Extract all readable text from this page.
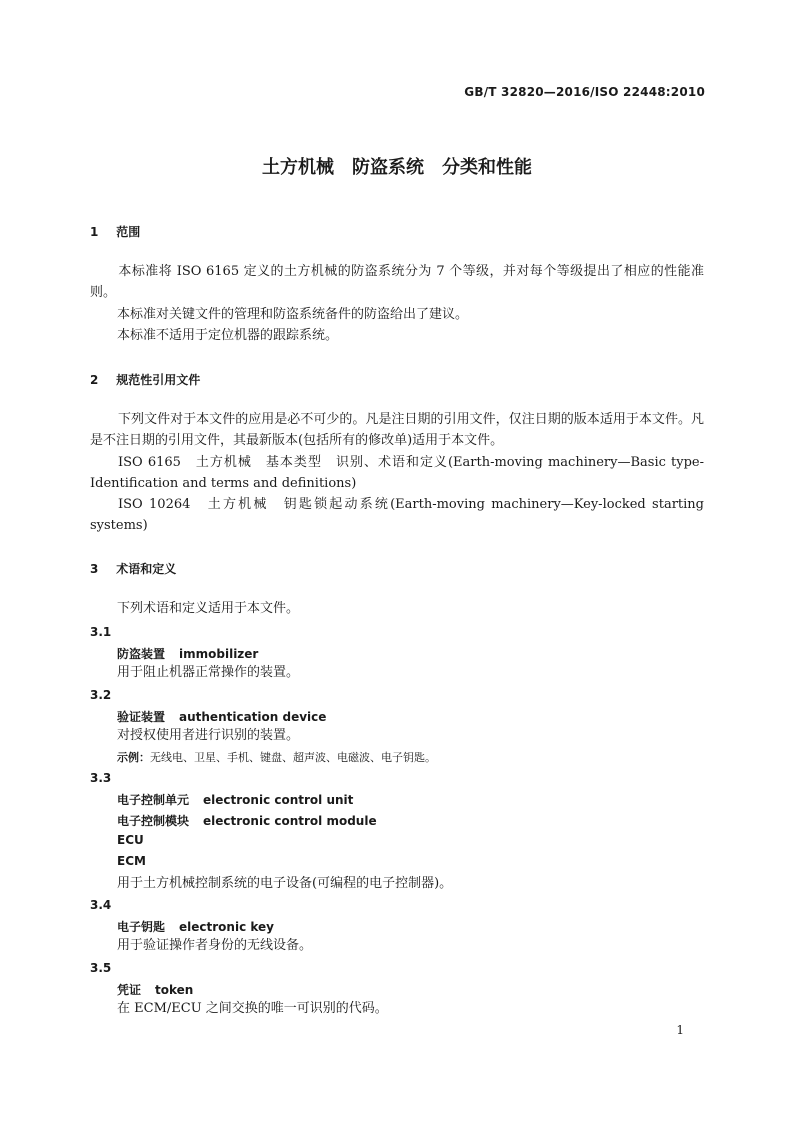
GB/T 32820—2016/ISO 22448:2010
土方机械　防盗系统　分类和性能
1 范围
本标准将 ISO 6165 定义的土方机械的防盗系统分为 7 个等级，并对每个等级提出了相应的性能准则。
本标准对关键文件的管理和防盗系统备件的防盗给出了建议。
本标准不适用于定位机器的跟踪系统。
2 规范性引用文件
下列文件对于本文件的应用是必不可少的。凡是注日期的引用文件，仅注日期的版本适用于本文件。凡是不注日期的引用文件，其最新版本(包括所有的修改单)适用于本文件。
ISO 6165　土方机械　基本类型　识别、术语和定义(Earth-moving machinery—Basic type-Identification and terms and definitions)
ISO 10264　土方机械　钥匙锁起动系统(Earth-moving machinery—Key-locked starting systems)
3 术语和定义
下列术语和定义适用于本文件。
3.1
防盗装置 immobilizer
用于阻止机器正常操作的装置。
3.2
验证装置 authentication device
对授权使用者进行识别的装置。
示例：无线电、卫星、手机、键盘、超声波、电磁波、电子钥匙。
3.3
电子控制单元 electronic control unit
电子控制模块 electronic control module
ECU
ECM
用于土方机械控制系统的电子设备(可编程的电子控制器)。
3.4
电子钥匙 electronic key
用于验证操作者身份的无线设备。
3.5
凭证 token
在 ECM/ECU 之间交换的唯一可识别的代码。
1
